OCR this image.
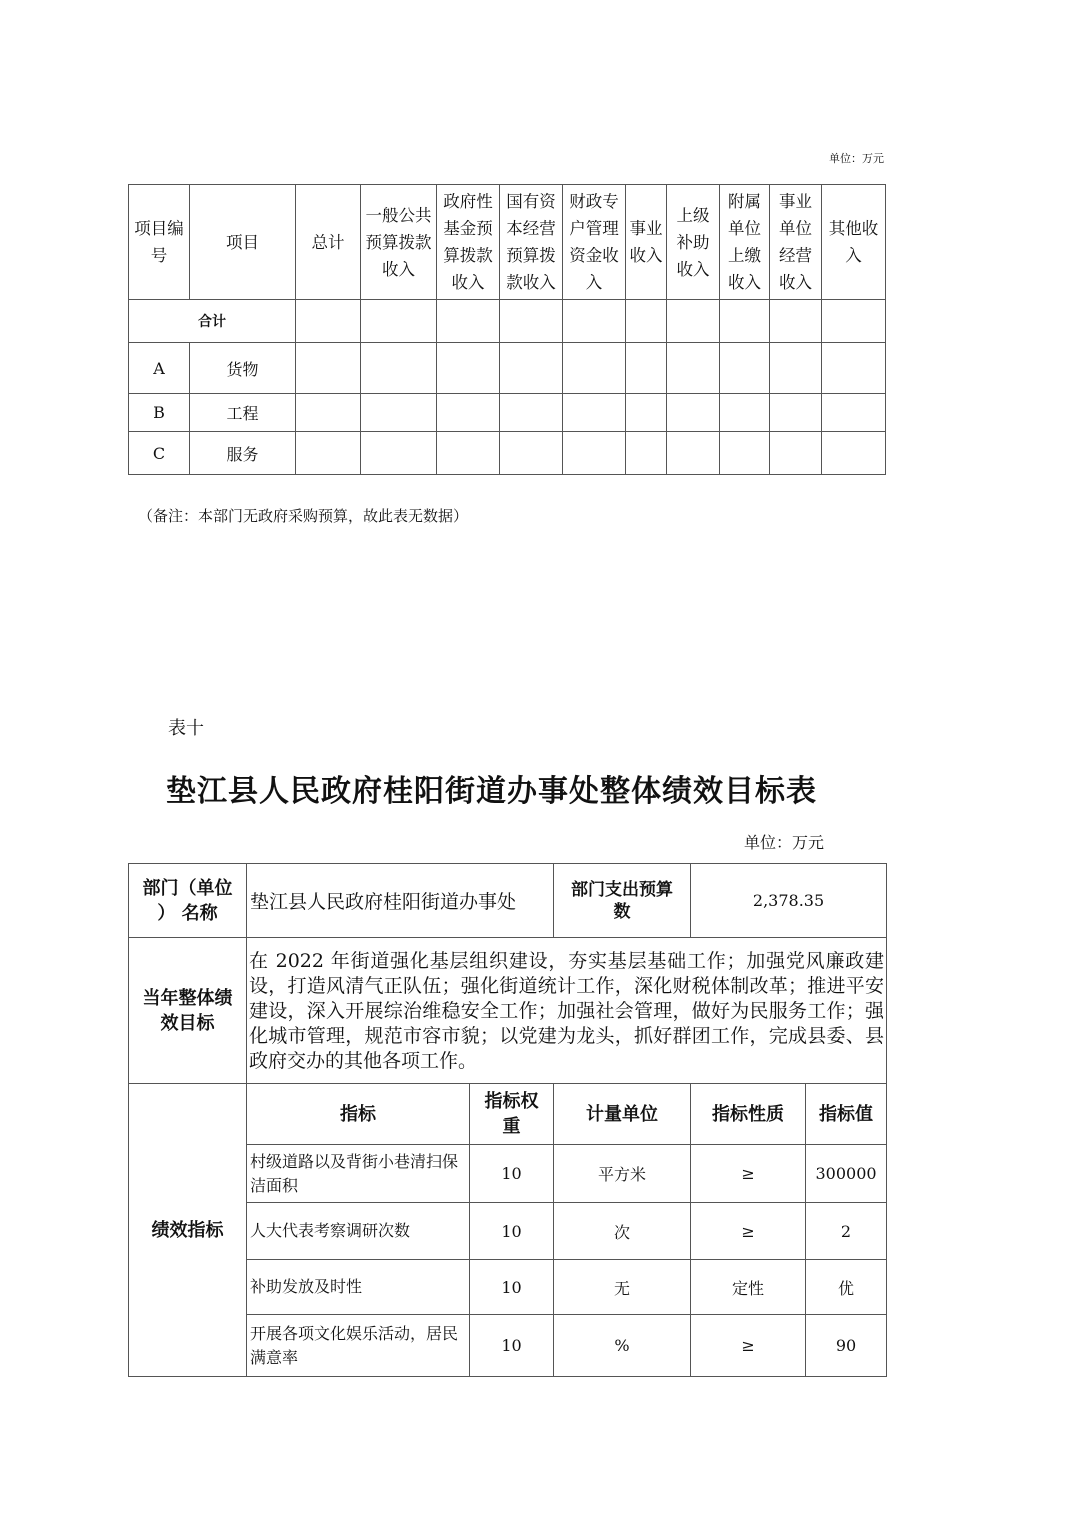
单位：万元
项目编
号	项目	总计	一般公共
预算拨款
收入	政府性
基金预
算拨款
收入	国有资
本经营
预算拨
款收入	财政专
户管理
资金收
入	事业
收入	上级
补助
收入	附属
单位
上缴
收入	事业
单位
经营
收入	其他收
入
合计											
A	货物										
B	工程										
C	服务										
（备注：本部门无政府采购预算，故此表无数据）
表十
垫江县人民政府桂阳街道办事处整体绩效目标表
单位：万元
部门（单位
） 名称	垫江县人民政府桂阳街道办事处		部门支出预算
数	2,378.35	
当年整体绩
效目标	在 2022 年街道强化基层组织建设，夯实基层基础工作；加强党风廉政建设，打造风清气正队伍；强化街道统计工作，深化财税体制改革；推进平安建设，深入开展综治维稳安全工作；加强社会管理，做好为民服务工作；强化城市管理，规范市容市貌；以党建为龙头，抓好群团工作，完成县委、县政府交办的其他各项工作。				
绩效指标	指标	指标权
重	计量单位	指标性质	指标值
	村级道路以及背街小巷清扫保洁面积	10	平方米	≥	300000
	人大代表考察调研次数	10	次	≥	2
	补助发放及时性	10	无	定性	优
	开展各项文化娱乐活动，居民满意率	10	%	≥	90
